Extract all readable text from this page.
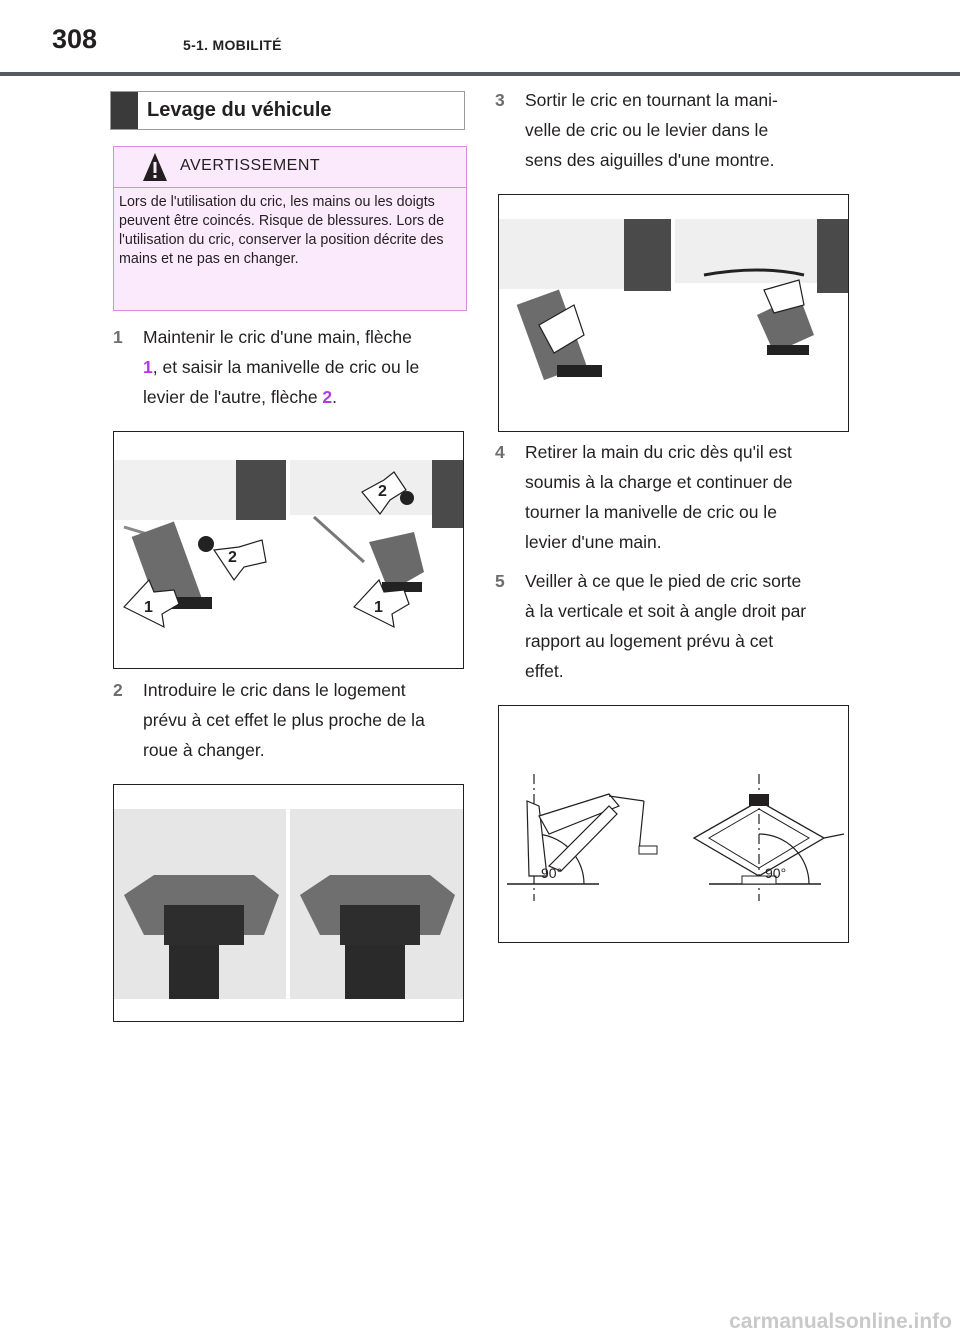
308	5-1. MOBILITÉ
Levage du véhicule
AVERTISSEMENT
Lors de l'utilisation du cric, les mains ou les doigts peuvent être coincés. Risque de blessures. Lors de l'utilisation du cric, conserver la position décrite des mains et ne pas en changer.
1 Maintenir le cric d'une main, flèche
1, et saisir la manivelle de cric ou le
levier de l'autre, flèche 2.
1
2
1
2
2 Introduire le cric dans le logement
prévu à cet effet le plus proche de la
roue à changer.
3 Sortir le cric en tournant la mani-
velle de cric ou le levier dans le
sens des aiguilles d'une montre.
4 Retirer la main du cric dès qu'il est
soumis à la charge et continuer de
tourner la manivelle de cric ou le
levier d'une main.
5 Veiller à ce que le pied de cric sorte
à la verticale et soit à angle droit par
rapport au logement prévu à cet
effet.
90°	90°
carmanualsonline.info
